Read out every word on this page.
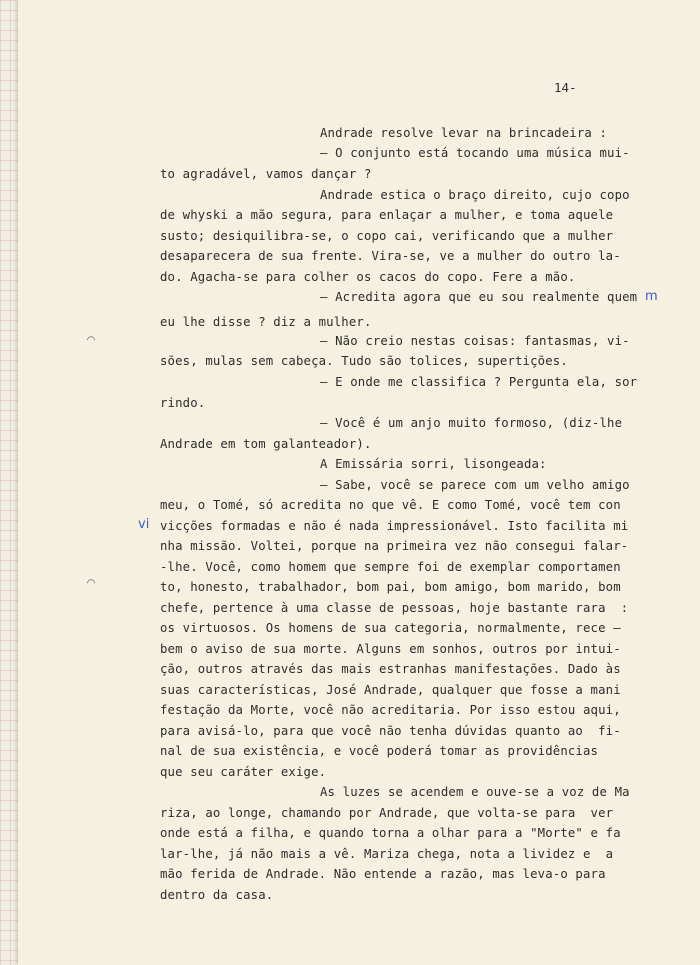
⌒
⌒
14-
Andrade resolve levar na brincadeira :
– O conjunto está tocando uma música mui-
to agradável, vamos dançar ?
Andrade estica o braço direito, cujo copo
de whyski a mão segura, para enlaçar a mulher, e toma aquele
susto; desiquilibra-se, o copo cai, verificando que a mulher
desaparecera de sua frente. Vira-se, ve a mulher do outro la-
do. Agacha-se para colher os cacos do copo. Fere a mão.
– Acredita agora que eu sou realmente quem m
eu lhe disse ? diz a mulher.
– Não creio nestas coisas: fantasmas, vi-
sões, mulas sem cabeça. Tudo são tolices, supertições.
– E onde me classifica ? Pergunta ela, sor
rindo.
– Você é um anjo muito formoso, (diz-lhe
Andrade em tom galanteador).
A Emissária sorri, lisongeada:
– Sabe, você se parece com um velho amigo
meu, o Tomé, só acredita no que vê. E como Tomé, você tem con
vi vicções formadas e não é nada impressionável. Isto facilita mi
nha missão. Voltei, porque na primeira vez não consegui falar-
-lhe. Você, como homem que sempre foi de exemplar comportamen
to, honesto, trabalhador, bom pai, bom amigo, bom marido, bom
chefe, pertence à uma classe de pessoas, hoje bastante rara  :
os virtuosos. Os homens de sua categoria, normalmente, rece –
bem o aviso de sua morte. Alguns em sonhos, outros por intui-
ção, outros através das mais estranhas manifestações. Dado às
suas características, José Andrade, qualquer que fosse a mani
festação da Morte, você não acreditaria. Por isso estou aqui,
para avisá-lo, para que você não tenha dúvidas quanto ao  fi-
nal de sua existência, e você poderá tomar as providências
que seu caráter exige.
As luzes se acendem e ouve-se a voz de Ma
riza, ao longe, chamando por Andrade, que volta-se para  ver
onde está a filha, e quando torna a olhar para a "Morte" e fa
lar-lhe, já não mais a vê. Mariza chega, nota a lividez e  a
mão ferida de Andrade. Não entende a razão, mas leva-o para
dentro da casa.
